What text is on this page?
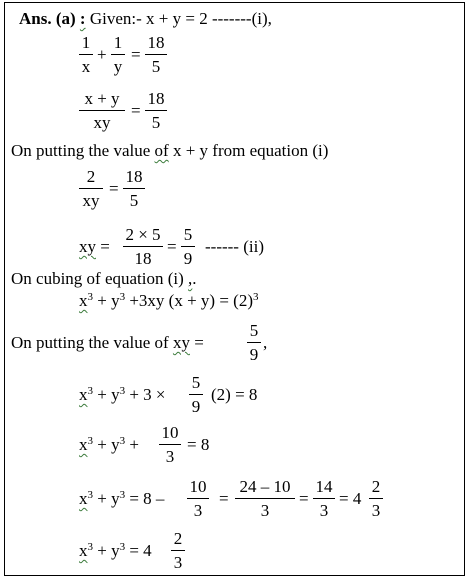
Ans. (a) : Given:- x + y = 2 -------(i),
1
x
+
1
y
=
18
5
x + y
xy
=
18
5
On putting the value of x + y from equation (i)
2
xy
=
18
5
xy =
2 × 5
18
=
5
9
------ (ii)
On cubing of equation (i) ,.
$x^3 + y^3 +3xy$ $(x + y) = (2)^3$
On putting the value of xy =
5
9
,
$x^3 + y^3 + 3$ ×
5
9
(2) = 8
$x^3 + y^3$ +
10
3
= 8
$x^3 + y^3 = 8$ –
10
3
=
24 – 10
3
=
14
3
= 4
2
3
$x^3 + y^3 = 4$
2
3
